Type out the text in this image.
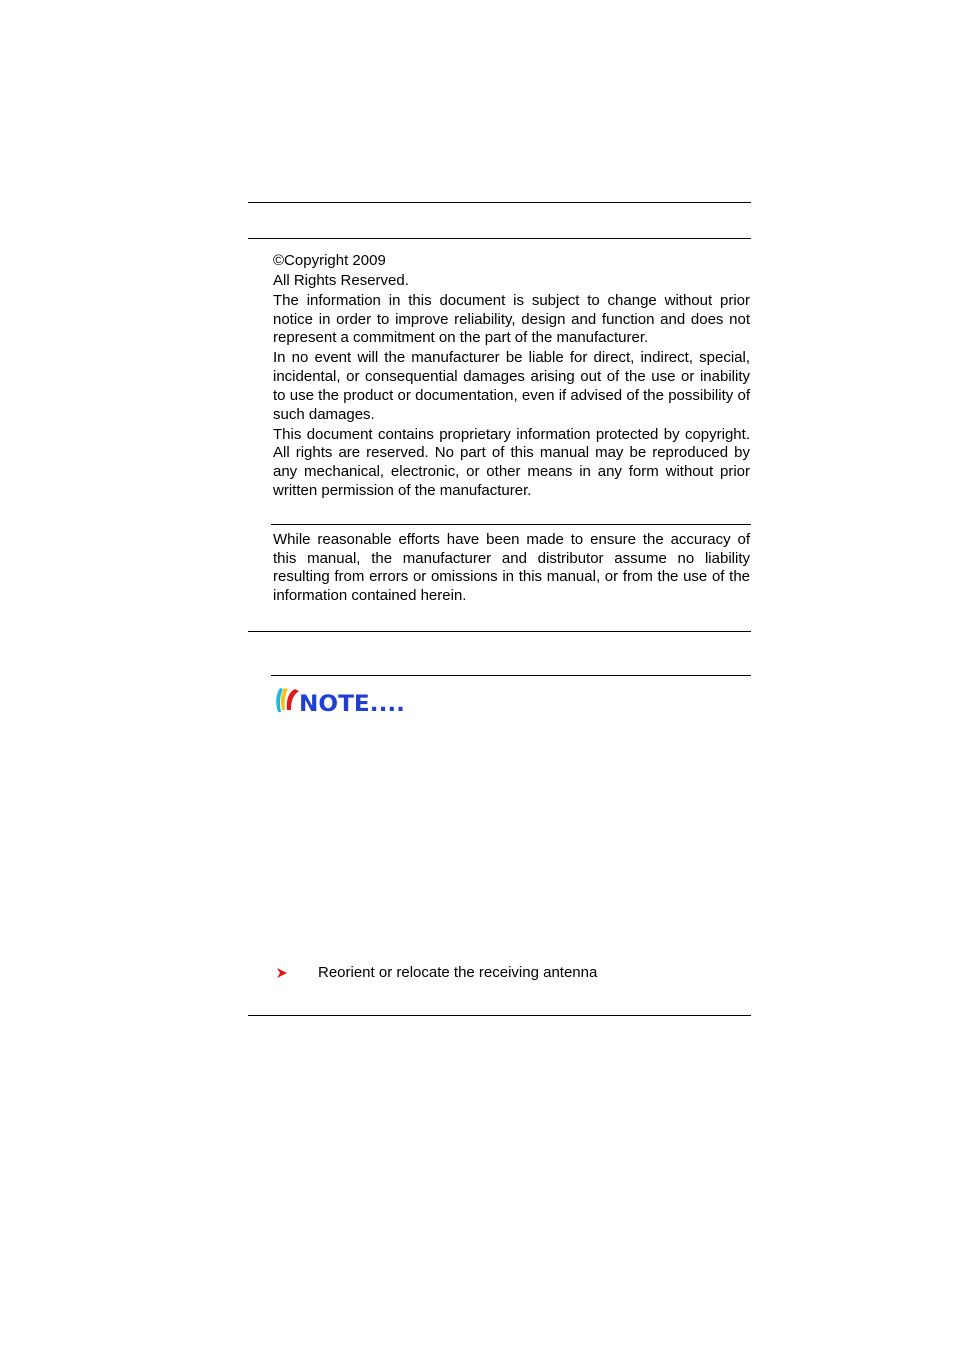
©Copyright 2009

All Rights Reserved.

The information in this document is subject to change without prior notice in order to improve reliability, design and function and does not represent a commitment on the part of the manufacturer.

In no event will the manufacturer be liable for direct, indirect, special, incidental, or consequential damages arising out of the use or inability to use the product or documentation, even if advised of the possibility of such damages.

This document contains proprietary information protected by copyright. All rights are reserved. No part of this manual may be reproduced by any mechanical, electronic, or other means in any form without prior written permission of the manufacturer.

While reasonable efforts have been made to ensure the accuracy of this manual, the manufacturer and distributor assume no liability resulting from errors or omissions in this manual, or from the use of the information contained herein.

NOTE....
Reorient or relocate the receiving antenna
